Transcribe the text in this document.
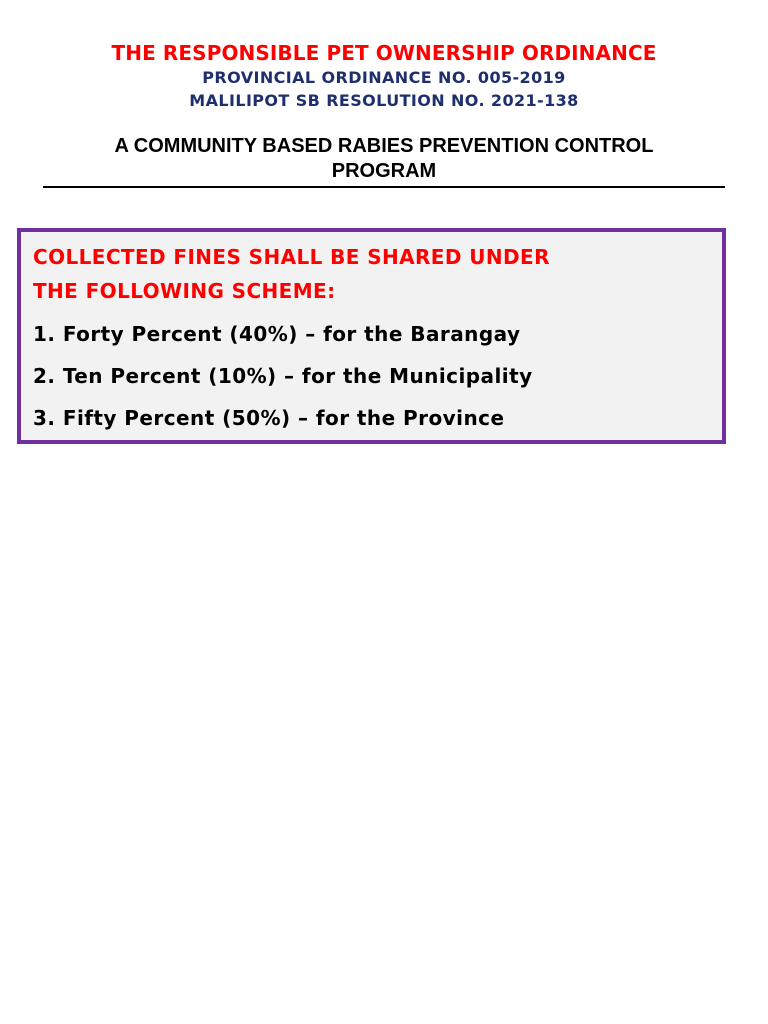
THE RESPONSIBLE PET OWNERSHIP ORDINANCE

PROVINCIAL ORDINANCE NO. 005-2019

MALILIPOT SB RESOLUTION NO. 2021-138

A COMMUNITY BASED RABIES PREVENTION CONTROL
PROGRAM

COLLECTED FINES SHALL BE SHARED UNDER
THE FOLLOWING SCHEME:

1. Forty Percent (40%) – for the Barangay
2. Ten Percent (10%) – for the Municipality
3. Fifty Percent (50%) – for the Province
